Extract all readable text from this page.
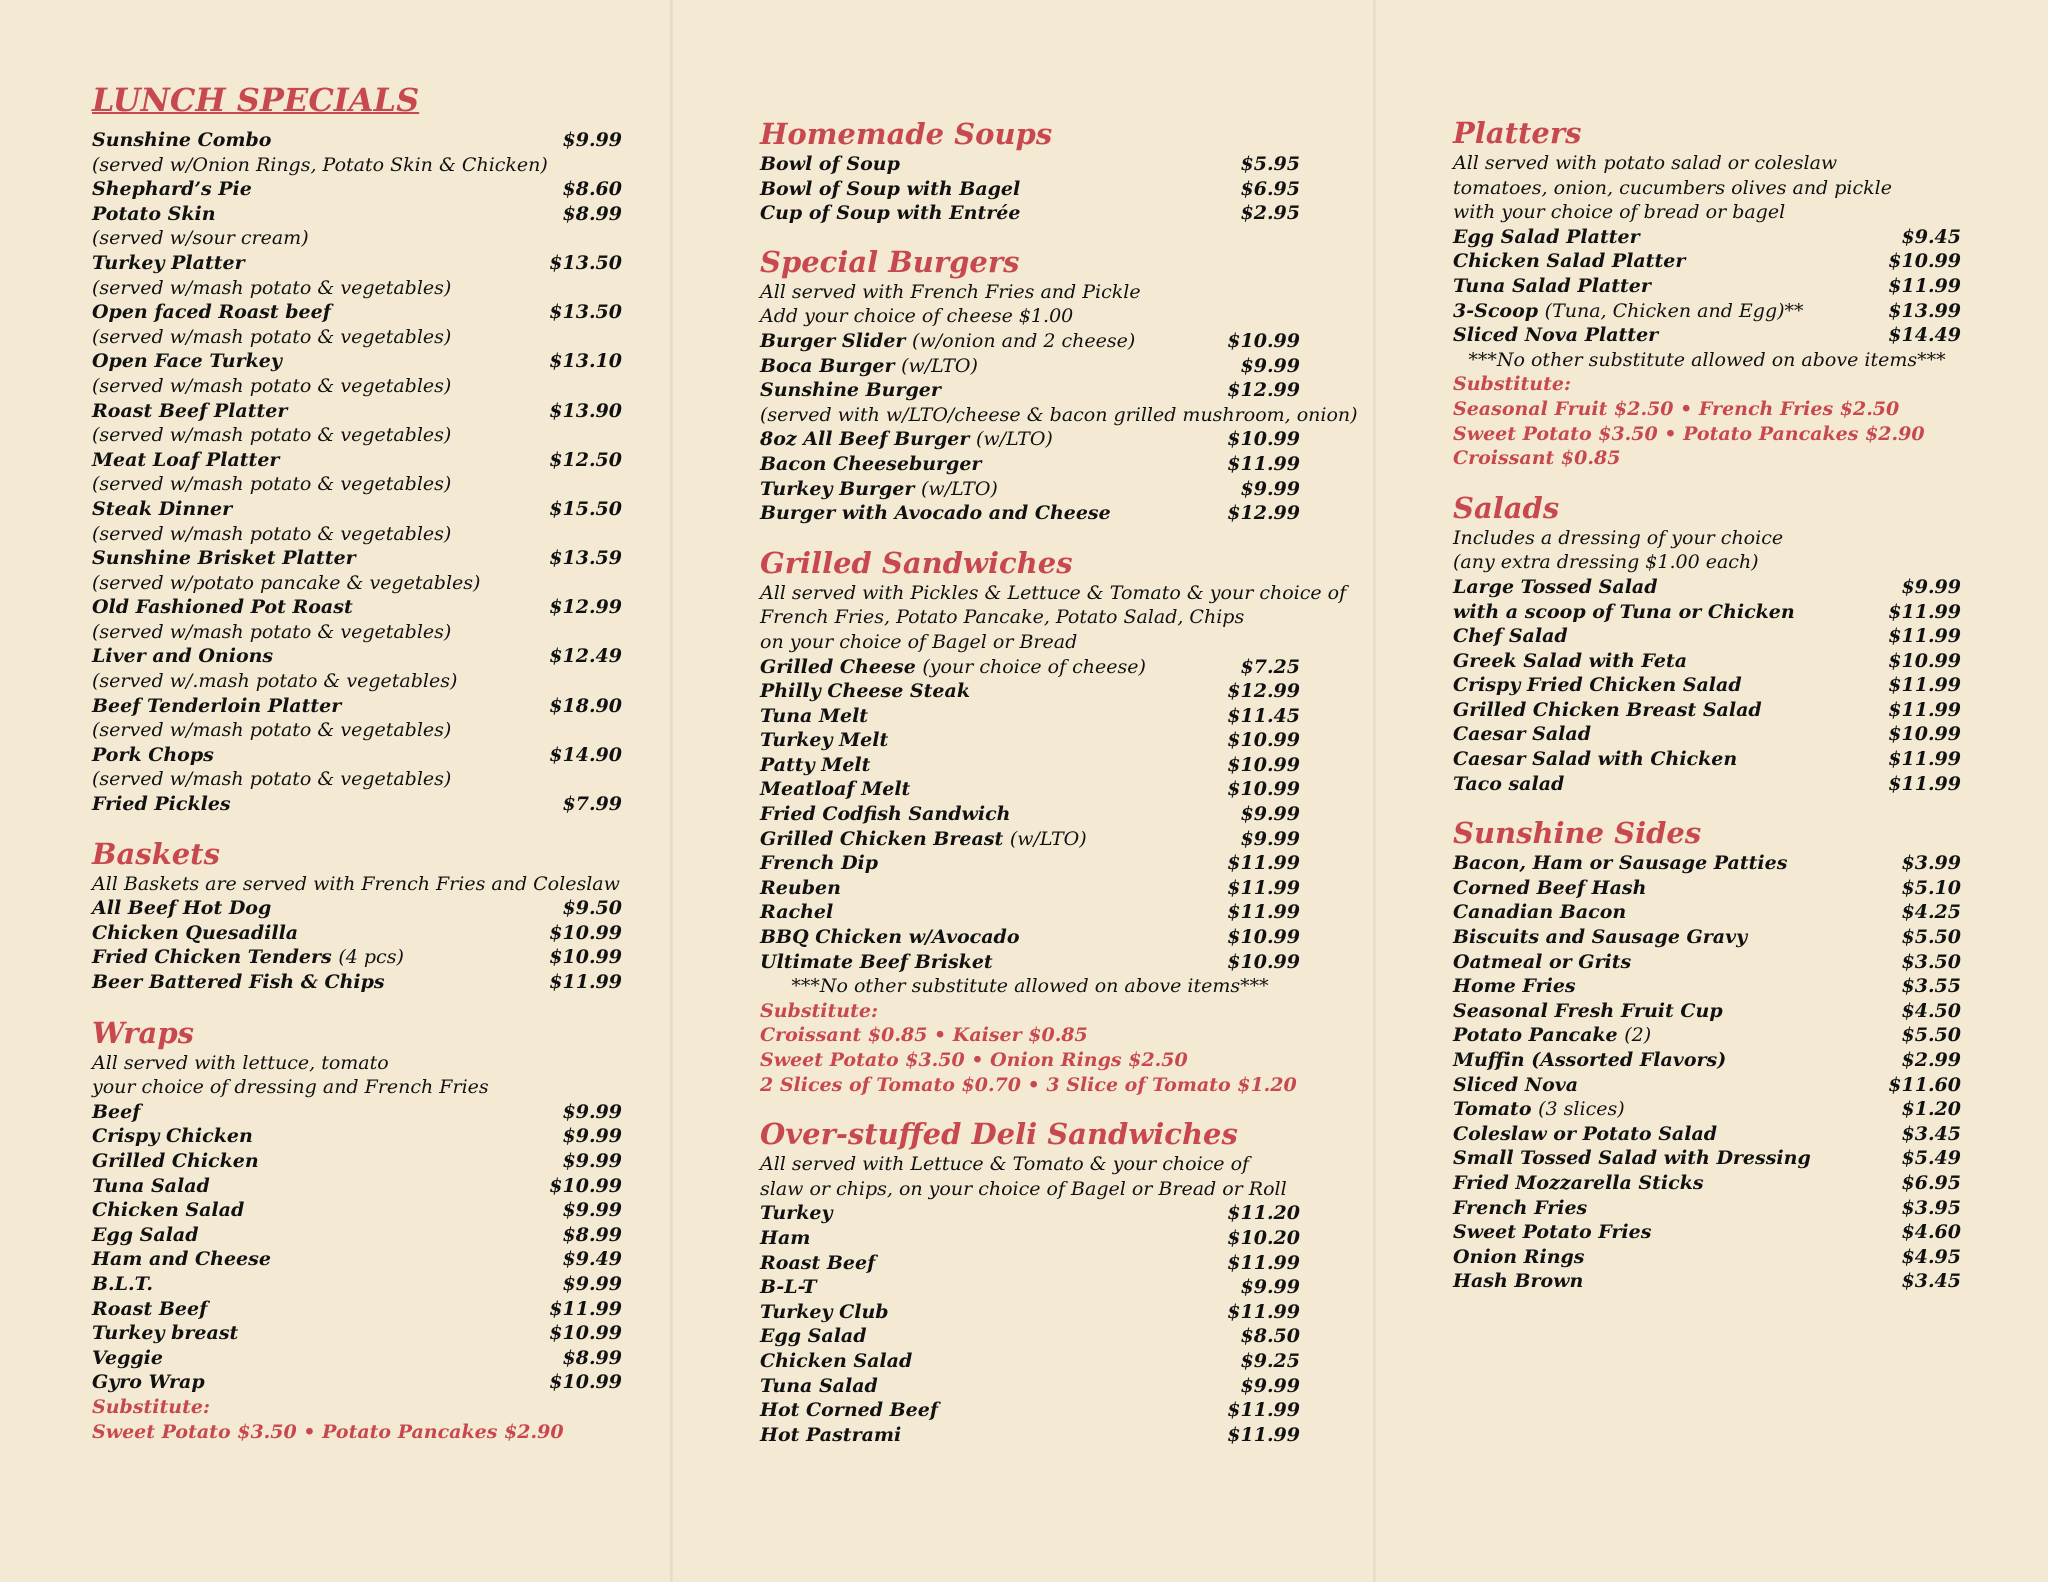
LUNCH SPECIALS
Sunshine Combo	$9.99
(served w/Onion Rings, Potato Skin & Chicken)
Shephard’s Pie	$8.60
Potato Skin	$8.99
(served w/sour cream)
Turkey Platter	$13.50
(served w/mash potato & vegetables)
Open faced Roast beef	$13.50
(served w/mash potato & vegetables)
Open Face Turkey	$13.10
(served w/mash potato & vegetables)
Roast Beef Platter	$13.90
(served w/mash potato & vegetables)
Meat Loaf Platter	$12.50
(served w/mash potato & vegetables)
Steak Dinner	$15.50
(served w/mash potato & vegetables)
Sunshine Brisket Platter	$13.59
(served w/potato pancake & vegetables)
Old Fashioned Pot Roast	$12.99
(served w/mash potato & vegetables)
Liver and Onions	$12.49
(served w/.mash potato & vegetables)
Beef Tenderloin Platter	$18.90
(served w/mash potato & vegetables)
Pork Chops	$14.90
(served w/mash potato & vegetables)
Fried Pickles	$7.99
Baskets
All Baskets are served with French Fries and Coleslaw
All Beef Hot Dog	$9.50
Chicken Quesadilla	$10.99
Fried Chicken Tenders (4 pcs)	$10.99
Beer Battered Fish & Chips	$11.99
Wraps
All served with lettuce, tomato
your choice of dressing and French Fries
Beef	$9.99
Crispy Chicken	$9.99
Grilled Chicken	$9.99
Tuna Salad	$10.99
Chicken Salad	$9.99
Egg Salad	$8.99
Ham and Cheese	$9.49
B.L.T.	$9.99
Roast Beef	$11.99
Turkey breast	$10.99
Veggie	$8.99
Gyro Wrap	$10.99
Substitute:
Sweet Potato $3.50 • Potato Pancakes $2.90
Homemade Soups
Bowl of Soup	$5.95
Bowl of Soup with Bagel	$6.95
Cup of Soup with Entrée	$2.95
Special Burgers
All served with French Fries and Pickle
Add your choice of cheese $1.00
Burger Slider (w/onion and 2 cheese)	$10.99
Boca Burger (w/LTO)	$9.99
Sunshine Burger	$12.99
(served with w/LTO/cheese & bacon grilled mushroom, onion)
8oz All Beef Burger (w/LTO)	$10.99
Bacon Cheeseburger	$11.99
Turkey Burger (w/LTO)	$9.99
Burger with Avocado and Cheese	$12.99
Grilled Sandwiches
All served with Pickles & Lettuce & Tomato & your choice of
French Fries, Potato Pancake, Potato Salad, Chips
on your choice of Bagel or Bread
Grilled Cheese (your choice of cheese)	$7.25
Philly Cheese Steak	$12.99
Tuna Melt	$11.45
Turkey Melt	$10.99
Patty Melt	$10.99
Meatloaf Melt	$10.99
Fried Codfish Sandwich	$9.99
Grilled Chicken Breast (w/LTO)	$9.99
French Dip	$11.99
Reuben	$11.99
Rachel	$11.99
BBQ Chicken w/Avocado	$10.99
Ultimate Beef Brisket	$10.99
***No other substitute allowed on above items***
Substitute:
Croissant $0.85 • Kaiser $0.85
Sweet Potato $3.50 • Onion Rings $2.50
2 Slices of Tomato $0.70 • 3 Slice of Tomato $1.20
Over-stuffed Deli Sandwiches
All served with Lettuce & Tomato & your choice of
slaw or chips, on your choice of Bagel or Bread or Roll
Turkey	$11.20
Ham	$10.20
Roast Beef	$11.99
B-L-T	$9.99
Turkey Club	$11.99
Egg Salad	$8.50
Chicken Salad	$9.25
Tuna Salad	$9.99
Hot Corned Beef	$11.99
Hot Pastrami	$11.99
Platters
All served with potato salad or coleslaw
tomatoes, onion, cucumbers olives and pickle
with your choice of bread or bagel
Egg Salad Platter	$9.45
Chicken Salad Platter	$10.99
Tuna Salad Platter	$11.99
3-Scoop (Tuna, Chicken and Egg)**	$13.99
Sliced Nova Platter	$14.49
***No other substitute allowed on above items***
Substitute:
Seasonal Fruit $2.50 • French Fries $2.50
Sweet Potato $3.50 • Potato Pancakes $2.90
Croissant $0.85
Salads
Includes a dressing of your choice
(any extra dressing $1.00 each)
Large Tossed Salad	$9.99
with a scoop of Tuna or Chicken	$11.99
Chef Salad	$11.99
Greek Salad with Feta	$10.99
Crispy Fried Chicken Salad	$11.99
Grilled Chicken Breast Salad	$11.99
Caesar Salad	$10.99
Caesar Salad with Chicken	$11.99
Taco salad	$11.99
Sunshine Sides
Bacon, Ham or Sausage Patties	$3.99
Corned Beef Hash	$5.10
Canadian Bacon	$4.25
Biscuits and Sausage Gravy	$5.50
Oatmeal or Grits	$3.50
Home Fries	$3.55
Seasonal Fresh Fruit Cup	$4.50
Potato Pancake (2)	$5.50
Muffin (Assorted Flavors)	$2.99
Sliced Nova	$11.60
Tomato (3 slices)	$1.20
Coleslaw or Potato Salad	$3.45
Small Tossed Salad with Dressing	$5.49
Fried Mozzarella Sticks	$6.95
French Fries	$3.95
Sweet Potato Fries	$4.60
Onion Rings	$4.95
Hash Brown	$3.45
